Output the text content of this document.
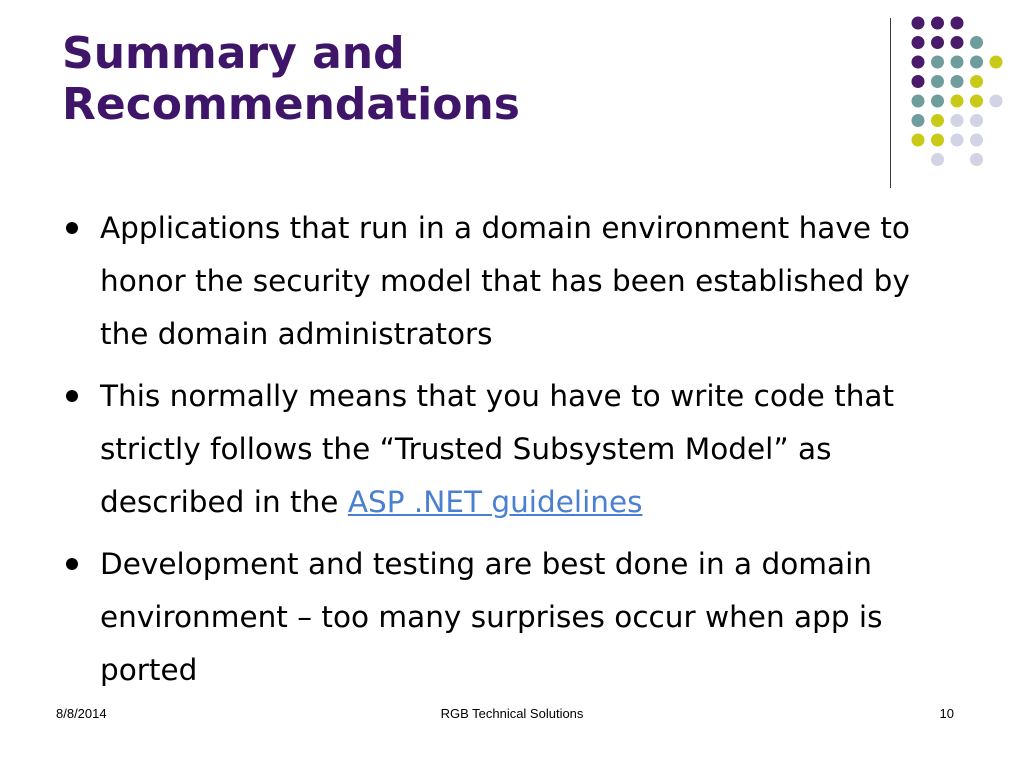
Summary and
Recommendations
Applications that run in a domain environment have to honor the security model that has been established by the domain administrators
This normally means that you have to write code that strictly follows the “Trusted Subsystem Model” as described in the ASP .NET guidelines
Development and testing are best done in a domain environment – too many surprises occur when app is ported
8/8/2014	RGB Technical Solutions	10
